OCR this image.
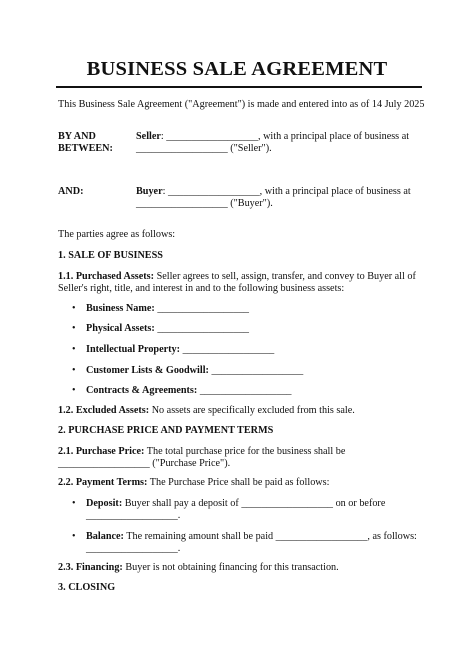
BUSINESS SALE AGREEMENT
This Business Sale Agreement ("Agreement") is made and entered into as of 14 July 2025
BY AND
BETWEEN:
Seller: __________________, with a principal place of business at
__________________ ("Seller").
AND:	Buyer: __________________, with a principal place of business at
__________________ ("Buyer").
The parties agree as follows:
1. SALE OF BUSINESS
1.1. Purchased Assets: Seller agrees to sell, assign, transfer, and convey to Buyer all of
Seller's right, title, and interest in and to the following business assets:
• Business Name: __________________
• Physical Assets: __________________
• Intellectual Property: __________________
• Customer Lists & Goodwill: __________________
• Contracts & Agreements: __________________
1.2. Excluded Assets: No assets are specifically excluded from this sale.
2. PURCHASE PRICE AND PAYMENT TERMS
2.1. Purchase Price: The total purchase price for the business shall be
__________________ ("Purchase Price").
2.2. Payment Terms: The Purchase Price shall be paid as follows:
• Deposit: Buyer shall pay a deposit of __________________ on or before
__________________.
• Balance: The remaining amount shall be paid __________________, as follows:
__________________.
2.3. Financing: Buyer is not obtaining financing for this transaction.
3. CLOSING
